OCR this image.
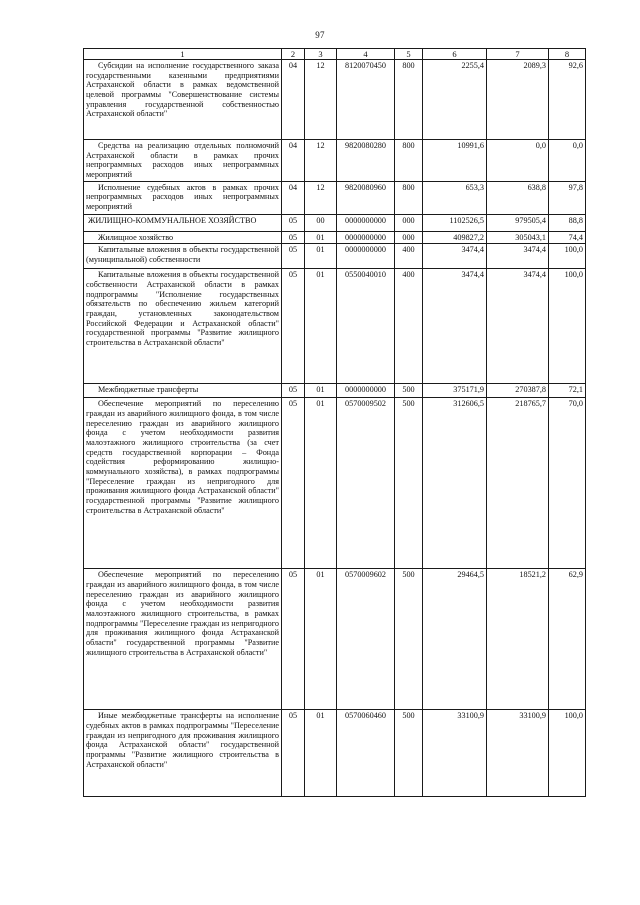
97
1	2	3	4	5	6	7	8
Субсидии на исполнение государственного заказа государственными казенными предприятиями Астраханской области в рамках ведомственной целевой программы "Совершенствование системы управления государственной собственностью Астраханской области"	04	12	8120070450	800	2255,4	2089,3	92,6
Средства на реализацию отдельных полномочий Астраханской области в рамках прочих непрограммных расходов иных непрограммных мероприятий	04	12	9820080280	800	10991,6	0,0	0,0
Исполнение судебных актов в рамках прочих непрограммных расходов иных непрограммных мероприятий	04	12	9820080960	800	653,3	638,8	97,8
ЖИЛИЩНО-КОММУНАЛЬНОЕ ХОЗЯЙСТВО	05	00	0000000000	000	1102526,5	979505,4	88,8
Жилищное хозяйство	05	01	0000000000	000	409827,2	305043,1	74,4
Капитальные вложения в объекты государственной (муниципальной) собственности	05	01	0000000000	400	3474,4	3474,4	100,0
Капитальные вложения в объекты государственной собственности Астраханской области в рамках подпрограммы "Исполнение государственных обязательств по обеспечению жильем категорий граждан, установленных законодательством Российской Федерации и Астраханской области" государственной программы "Развитие жилищного строительства в Астраханской области"	05	01	0550040010	400	3474,4	3474,4	100,0
Межбюджетные трансферты	05	01	0000000000	500	375171,9	270387,8	72,1
Обеспечение мероприятий по переселению граждан из аварийного жилищного фонда, в том числе переселению граждан из аварийного жилищного фонда с учетом необходимости развития малоэтажного жилищного строительства (за счет средств государственной корпорации – Фонда содействия реформированию жилищно-коммунального хозяйства), в рамках подпрограммы "Переселение граждан из непригодного для проживания жилищного фонда Астраханской области" государственной программы "Развитие жилищного строительства в Астраханской области"	05	01	0570009502	500	312606,5	218765,7	70,0
Обеспечение мероприятий по переселению граждан из аварийного жилищного фонда, в том числе переселению граждан из аварийного жилищного фонда с учетом необходимости развития малоэтажного жилищного строительства, в рамках подпрограммы "Переселение граждан из непригодного для проживания жилищного фонда Астраханской области" государственной программы "Развитие жилищного строительства в Астраханской области"	05	01	0570009602	500	29464,5	18521,2	62,9
Иные межбюджетные трансферты на исполнение судебных актов в рамках подпрограммы "Переселение граждан из непригодного для проживания жилищного фонда Астраханской области" государственной программы "Развитие жилищного строительства в Астраханской области"	05	01	0570060460	500	33100,9	33100,9	100,0
